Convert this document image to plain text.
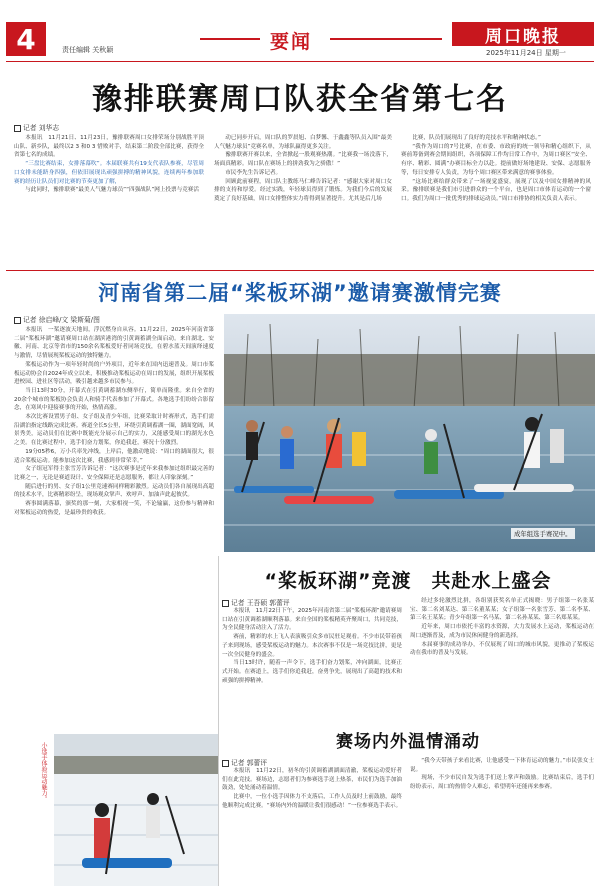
4	责任编辑 关秋颖	要闻	周口晚报
2025年11月24日 星期一
豫排联赛周口队获全省第七名
记者 刘华志

本报讯　11月21日、11月23日，豫排联赛周口女排荣场分别战胜平顶山队、新乡队，最终以2 3 和0 3 惜败对手，结束第二阶段全部比赛，获得全省第七名的成绩。

“三盘比赛结束，女排落幕吹”。本届联赛共有19支代表队参赛，尽管周口女排未能跻身四强，但依旧展现出顽强拼搏的精神风貌，连续两年参加联赛的经历让队员们对比赛的节奏更加了解，

与此同时，豫排联赛“最美人气魅力球员”“四强战队”网上投票与竞赛活

动已同步开启，周口队的罗晨旭、白梦馨、于鑫鑫等队员入围“最美人气魅力球员”竞赛名单，为球队赢得更多关注。

豫排联赛开赛以来，全省掀起一股观赛热潮。“比赛我一场没落下，场面真精彩。周口队在赛场上的拼劲我为之骄傲！”

市民李先生告诉记者。

回顾此前赛程，周口队主教练马仁峰告诉记者：“感谢大家对周口女排的支持和厚爱。经过实践，年轻球员得到了锻炼。为我们今后的发展奠定了良好基础，周口女排整体实力将得到显著提升。尤其是后几场

比赛，队员们展现出了良好的竞技水平和精神状态。”

“我作为周口的7号比赛，在市委、市政府的统一领导和精心组织下，从赛前筹备到赛会期间组织，各项保障工作均日常工作中，为周口赛区“安全、有序、精彩、圆满”办赛目标全力以赴。提前做好场地建设、安保、志愿服务等，每日安排专人负责，为每个周口赛区带来满意的赛事体验。

“这场比赛给群众带来了一场视觉盛宴，展现了以及中国女排精神的风采。豫排联赛是我们市引进群众的一个平台，也是周口市体育运动的一个窗口。我们为周口一批优秀的排球运动员。”周口市排协的相关负责人表示。

河南省第二届“桨板环湖”邀请赛激情完赛
记者 徐启峰/文 梁斯菊/图

本报讯　一桨逐波天地间，浮沉燃身自从容。11月22日，2025年河南省第二届“桨板环湖”邀请赛周口站在湖滨港湾的引黄调蓄湖全面启动。来自湖北、安徽、河南、北京等省市的150余名桨板爱好者同场竞技，在碧水蓝天间演绎速度与激情，尽情展现桨板运动的独特魅力。

桨板运动作为一项年轻时尚的户外项目，近年来在国内迅速普及。周口市桨板运动协会自2024年成立以来，积极推动桨板运动在周口的发展，组织开展桨板进校园、进社区等活动，吸引越来越多市民参与。

当日13时30分，开幕式在引黄调蓄湖东侧举行，简单而隆重。来自全省的20余个城市的桨板协会负责人和骑手代表参加了开幕式。各地选手们纷纷合影留念，在寒风中迎接赛事的开始，热情高涨。

本次比赛设置男子组、女子组及青少年组，比赛采取计时赛形式，选手们需沿湖泊指定线路完成比赛。赛道全长5公里，环绕引黄调蓄湖一圈，湖面宽阔，风景秀美，运动员们在比赛中既能充分展示自己的实力，又能感受周口的湖光水色之美。在比赛过程中，选手们奋力划桨，你追我赶，赛况十分激烈。

19分05秒6，万小兵率先冲线，上岸后，他激动地说：“周口的湖面很大，很适合桨板运动。能参加这次比赛，我感到非常荣幸。”

女子组冠军得主张雪芳告诉记者：“这次赛事是近年来我参加过组织最完善的比赛之一，无论是赛道设计、安全保障还是志愿服务，都让人印象深刻。”

随后进行的男、女子组1公里竞速赛同样精彩激烈。运动员们各自展现出高超的技术水平，比赛精彩纷呈，现场观众掌声、欢呼声、加油声此起彼伏。

赛事圆满落幕，颁奖的那一刻，大家相视一笑，不论输赢，这份参与精神和对桨板运动的热爱，是最珍贵的收获。

成年组选手赛况中。
“桨板环湖”竞渡　共赴水上盛会
记者 王吾硕 郭蕾评

本报讯　11月22日下午，2025年河南省第二届“桨板环湖”邀请赛周口站在引黄调蓄湖顺利落幕。来自全国的桨板精英齐聚周口，共同竞技，为全民健身活动注入了活力。

赛前，精彩的水上飞人表演吸引众多市民驻足观看。不少市民带着孩子来到现场，感受桨板运动的魅力。本次赛事不仅是一场竞技比拼，更是一次全民健身的盛会。

当日13时许，随着一声令下，选手们奋力划桨，冲向湖面，比赛正式开始。在赛道上，选手们你追我赶，奋勇争先，展现出了高超的技术和顽强的拼搏精神。

经过多轮激烈比拼，各组别获奖名单正式揭晓：男子组第一名张某宝、第二名刘某达、第三名董某某；女子组第一名张雪芳、第二名李某、第三名王某某；青少年组第一名马某、第二名孙某某、第三名郑某某。

近年来，周口市依托丰富的水资源，大力发展水上运动，桨板运动在周口逐渐普及，成为市民休闲健身的新选择。

本届赛事的成功举办，不仅展现了周口的城市风貌，更推动了桨板运动在我市的普及与发展。

赛场内外温情涌动
记者 郭蕾评

本报讯　11月22日，初冬的引黄调蓄湖湖面清澈，桨板运动爱好者们在此竞技。赛场边，志愿者们为参赛选手送上热茶，市民们为选手加油鼓劲，处处涌动着温情。

比赛中，一位小选手因体力不支落后，工作人员及时上前鼓励，最终他顺利完成比赛。“赛场内外的温暖让我们很感动！”一位参赛选手表示。

“我今天带孩子来看比赛，让他感受一下体育运动的魅力。”市民张女士说。

现场，不少市民自发为选手们送上掌声和鼓励。比赛结束后，选手们纷纷表示，周口的热情令人难忘，希望明年还能再来参赛。

小选手体验运动魅力。
